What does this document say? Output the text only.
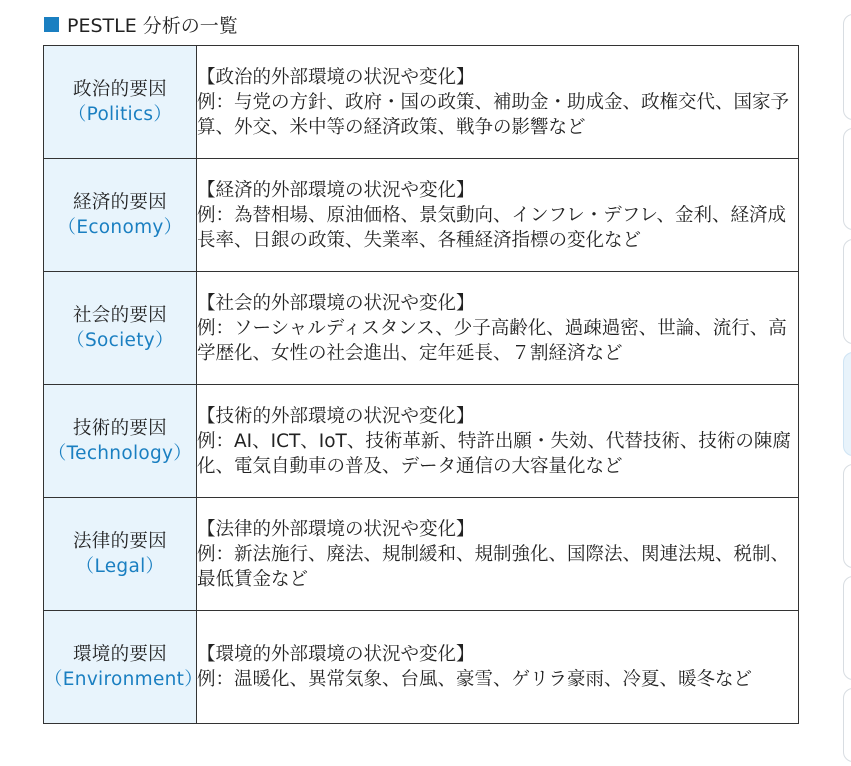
PESTLE 分析の一覧
政治的要因
（Politics）	【政治的外部環境の状況や変化】
例：与党の方針、政府・国の政策、補助金・助成金、政権交代、国家予算、外交、米中等の経済政策、戦争の影響など

経済的要因
（Economy）	【経済的外部環境の状況や変化】
例：為替相場、原油価格、景気動向、インフレ・デフレ、金利、経済成長率、日銀の政策、失業率、各種経済指標の変化など

社会的要因
（Society）	【社会的外部環境の状況や変化】
例：ソーシャルディスタンス、少子高齢化、過疎過密、世論、流行、高学歴化、女性の社会進出、定年延長、７割経済など

技術的要因
（Technology）	【技術的外部環境の状況や変化】
例：AI、ICT、IoT、技術革新、特許出願・失効、代替技術、技術の陳腐化、電気自動車の普及、データ通信の大容量化など

法律的要因
（Legal）	【法律的外部環境の状況や変化】
例：新法施行、廃法、規制緩和、規制強化、国際法、関連法規、税制、最低賃金など

環境的要因
（Environment）	【環境的外部環境の状況や変化】
例：温暖化、異常気象、台風、豪雪、ゲリラ豪雨、冷夏、暖冬など
